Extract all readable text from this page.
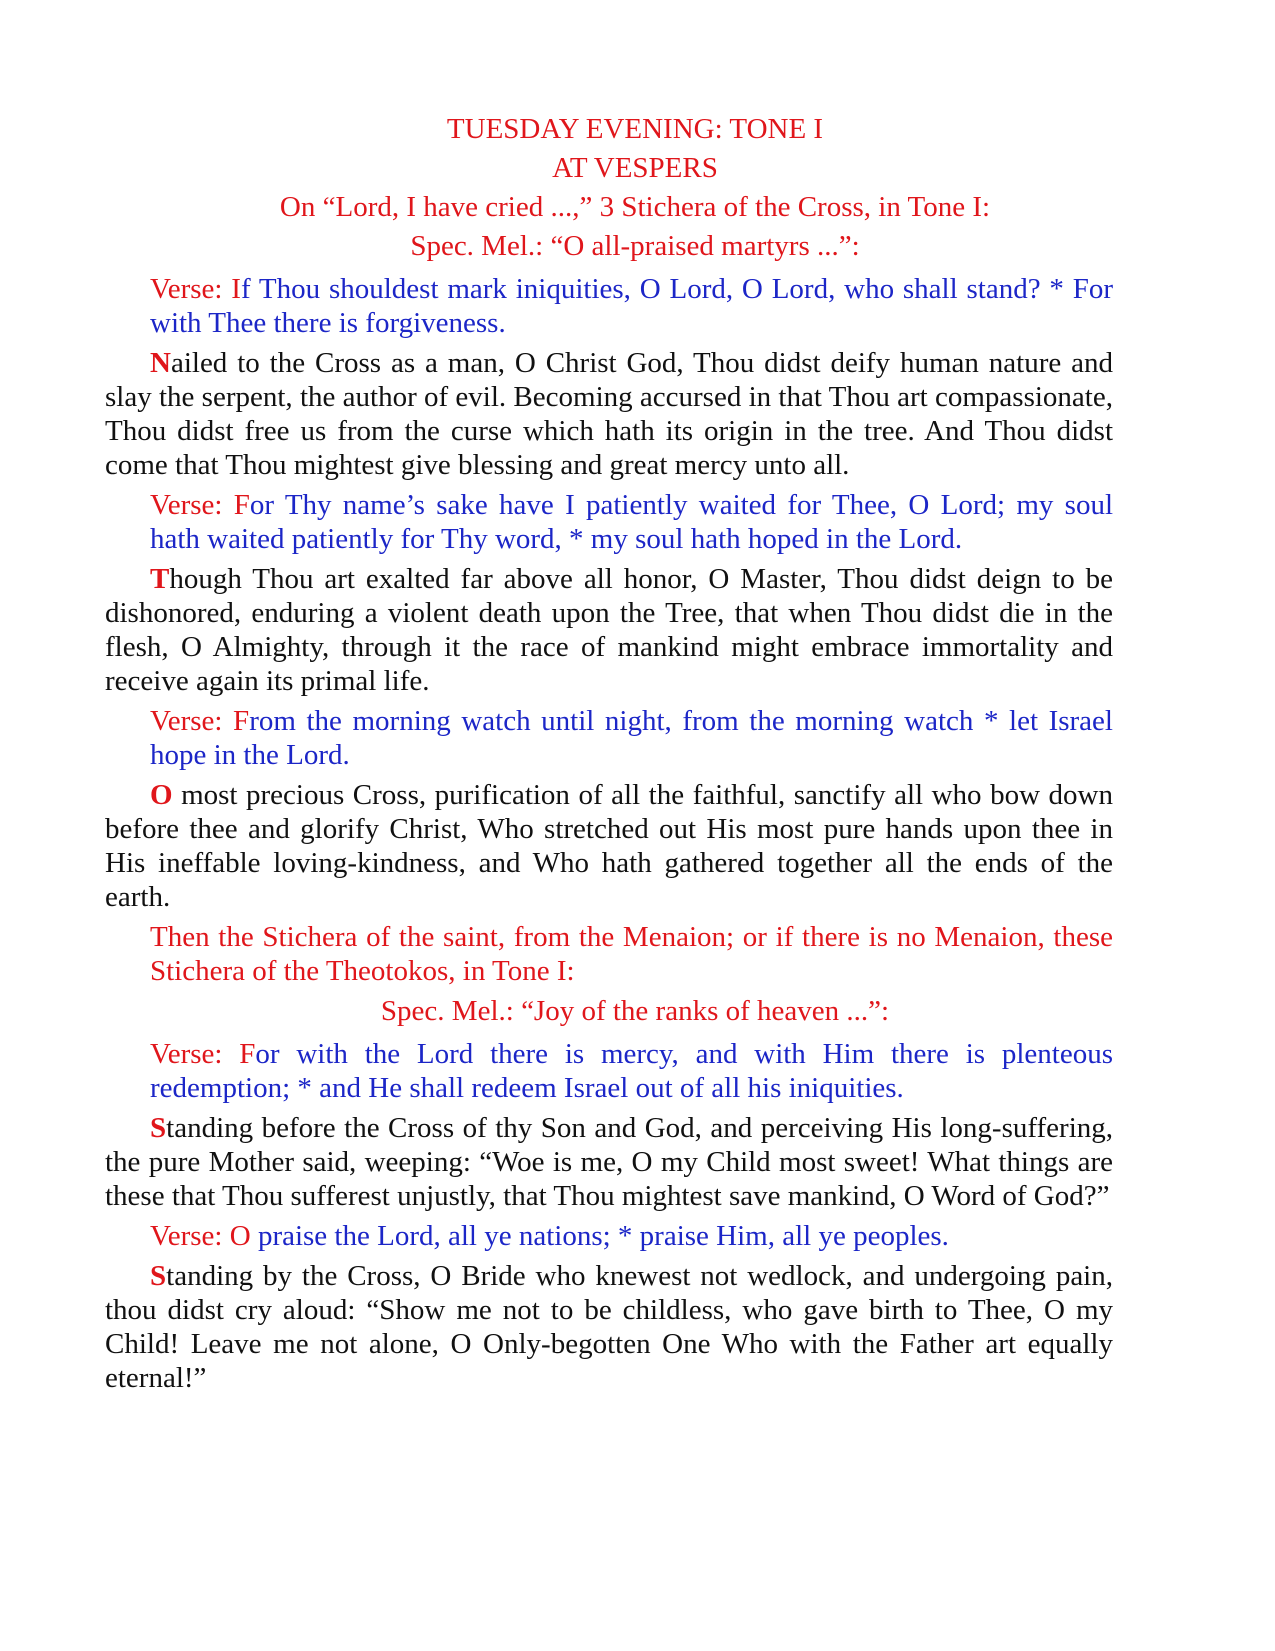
TUESDAY EVENING: TONE I

AT VESPERS

On “Lord, I have cried ...,” 3 Stichera of the Cross, in Tone I:

Spec. Mel.: “O all-praised martyrs ...”:

Verse: If Thou shouldest mark iniquities, O Lord, O Lord, who shall stand? * For with Thee there is forgiveness.

Nailed to the Cross as a man, O Christ God, Thou didst deify human nature and slay the serpent, the author of evil. Becoming accursed in that Thou art compassionate, Thou didst free us from the curse which hath its origin in the tree. And Thou didst come that Thou mightest give blessing and great mercy unto all.

Verse: For Thy name’s sake have I patiently waited for Thee, O Lord; my soul hath waited patiently for Thy word, * my soul hath hoped in the Lord.

Though Thou art exalted far above all honor, O Master, Thou didst deign to be dishonored, enduring a violent death upon the Tree, that when Thou didst die in the flesh, O Almighty, through it the race of mankind might embrace immortality and receive again its primal life.

Verse: From the morning watch until night, from the morning watch * let Israel hope in the Lord.

O most precious Cross, purification of all the faithful, sanctify all who bow down before thee and glorify Christ, Who stretched out His most pure hands upon thee in His ineffable loving-kindness, and Who hath gathered together all the ends of the earth.

Then the Stichera of the saint, from the Menaion; or if there is no Menaion, these Stichera of the Theotokos, in Tone I:

Spec. Mel.: “Joy of the ranks of heaven ...”:

Verse: For with the Lord there is mercy, and with Him there is plenteous redemption; * and He shall redeem Israel out of all his iniquities.

Standing before the Cross of thy Son and God, and perceiving His long-suffering, the pure Mother said, weeping: “Woe is me, O my Child most sweet! What things are these that Thou sufferest unjustly, that Thou mightest save mankind, O Word of God?”

Verse: O praise the Lord, all ye nations; * praise Him, all ye peoples.

Standing by the Cross, O Bride who knewest not wedlock, and undergoing pain, thou didst cry aloud: “Show me not to be childless, who gave birth to Thee, O my Child! Leave me not alone, O Only-begotten One Who with the Father art equally eternal!”
